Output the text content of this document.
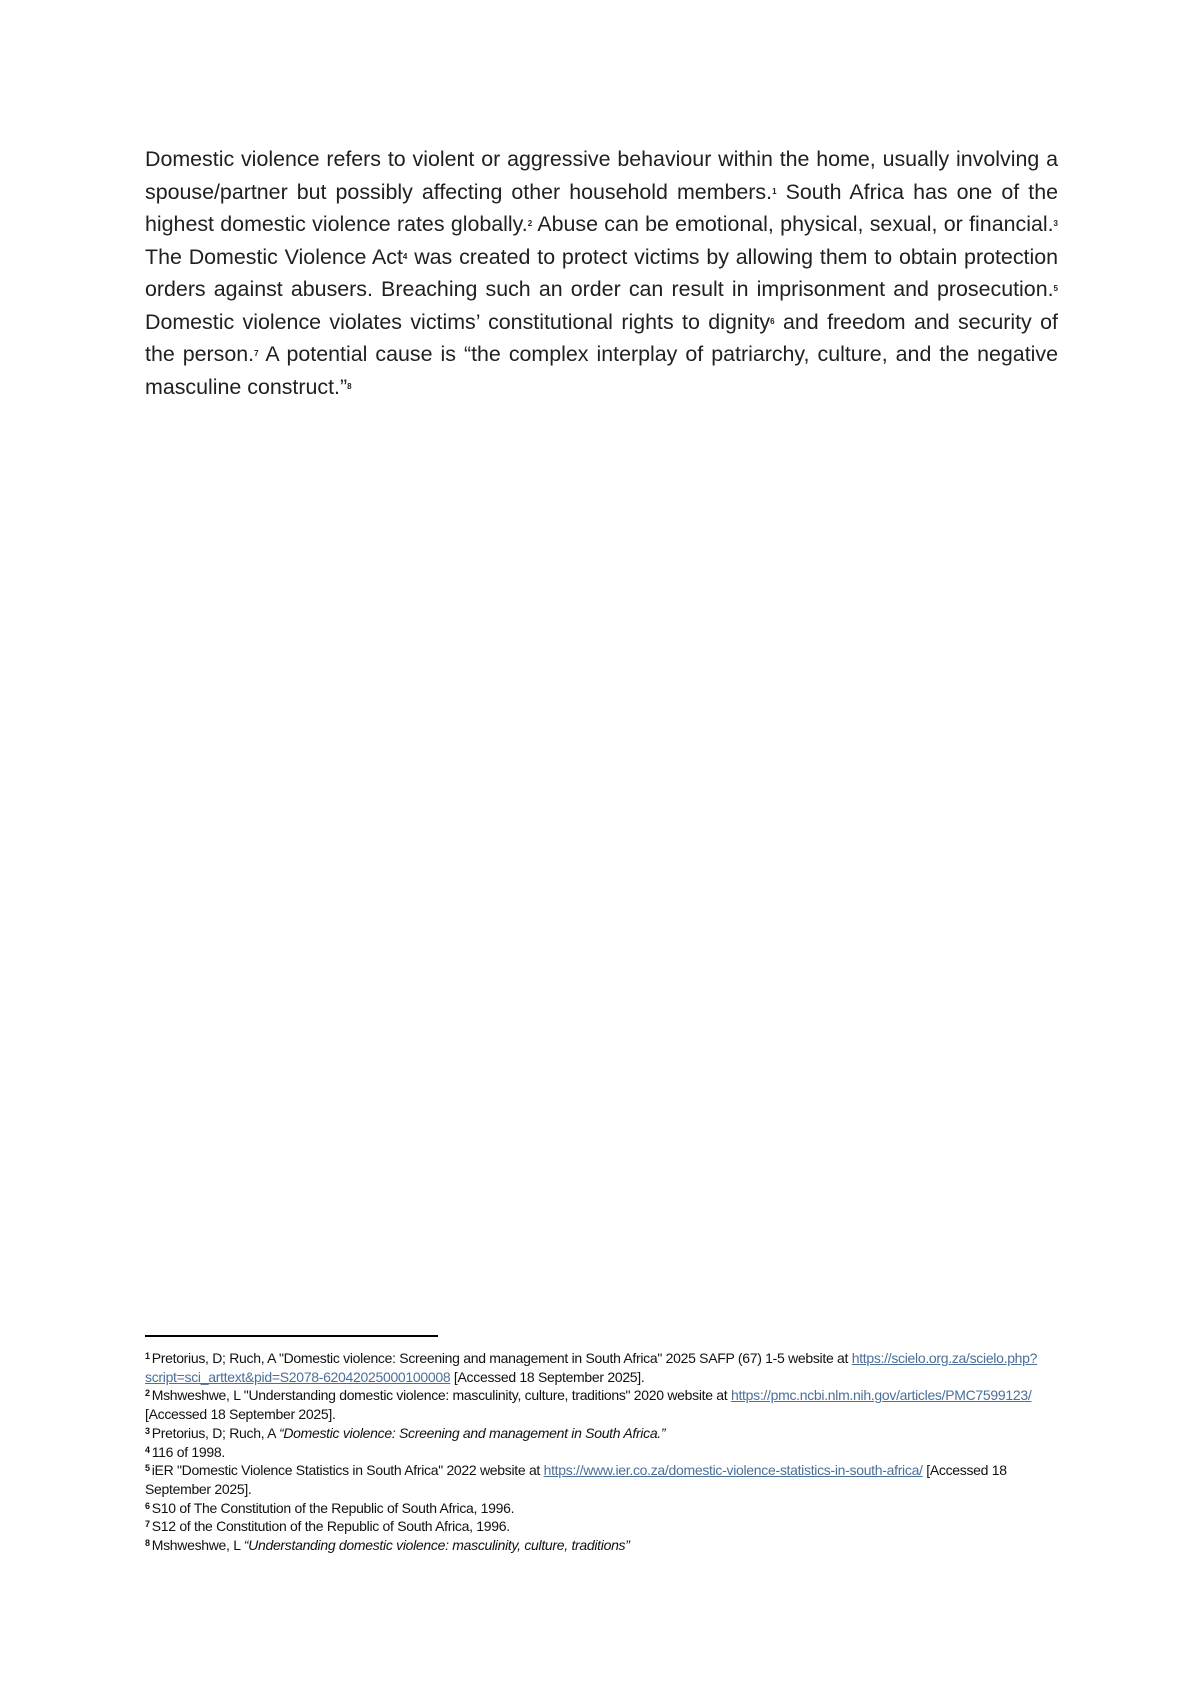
Domestic violence refers to violent or aggressive behaviour within the home, usually involving a spouse/partner but possibly affecting other household members.$^1$ South Africa has one of the highest domestic violence rates globally.$^2$ Abuse can be emotional, physical, sexual, or financial.$^3$ The Domestic Violence Act$^4$ was created to protect victims by allowing them to obtain protection orders against abusers. Breaching such an order can result in imprisonment and prosecution.$^5$ Domestic violence violates victims’ constitutional rights to dignity$^6$ and freedom and security of the person.$^7$ A potential cause is “the complex interplay of patriarchy, culture, and the negative masculine construct.”$^8$

$^1$ Pretorius, D; Ruch, A "Domestic violence: Screening and management in South Africa" 2025 SAFP (67) 1-5 website at https://scielo.org.za/scielo.php?script=sci_arttext&pid=S2078-62042025000100008 [Accessed 18 September 2025].
$^2$ Mshweshwe, L "Understanding domestic violence: masculinity, culture, traditions" 2020 website at https://pmc.ncbi.nlm.nih.gov/articles/PMC7599123/ [Accessed 18 September 2025].
$^3$ Pretorius, D; Ruch, A “Domestic violence: Screening and management in South Africa.”
$^4$ 116 of 1998.
$^5$ iER "Domestic Violence Statistics in South Africa" 2022 website at https://www.ier.co.za/domestic-violence-statistics-in-south-africa/ [Accessed 18 September 2025].
$^6$ S10 of The Constitution of the Republic of South Africa, 1996.
$^7$ S12 of the Constitution of the Republic of South Africa, 1996.
$^8$ Mshweshwe, L “Understanding domestic violence: masculinity, culture, traditions”
